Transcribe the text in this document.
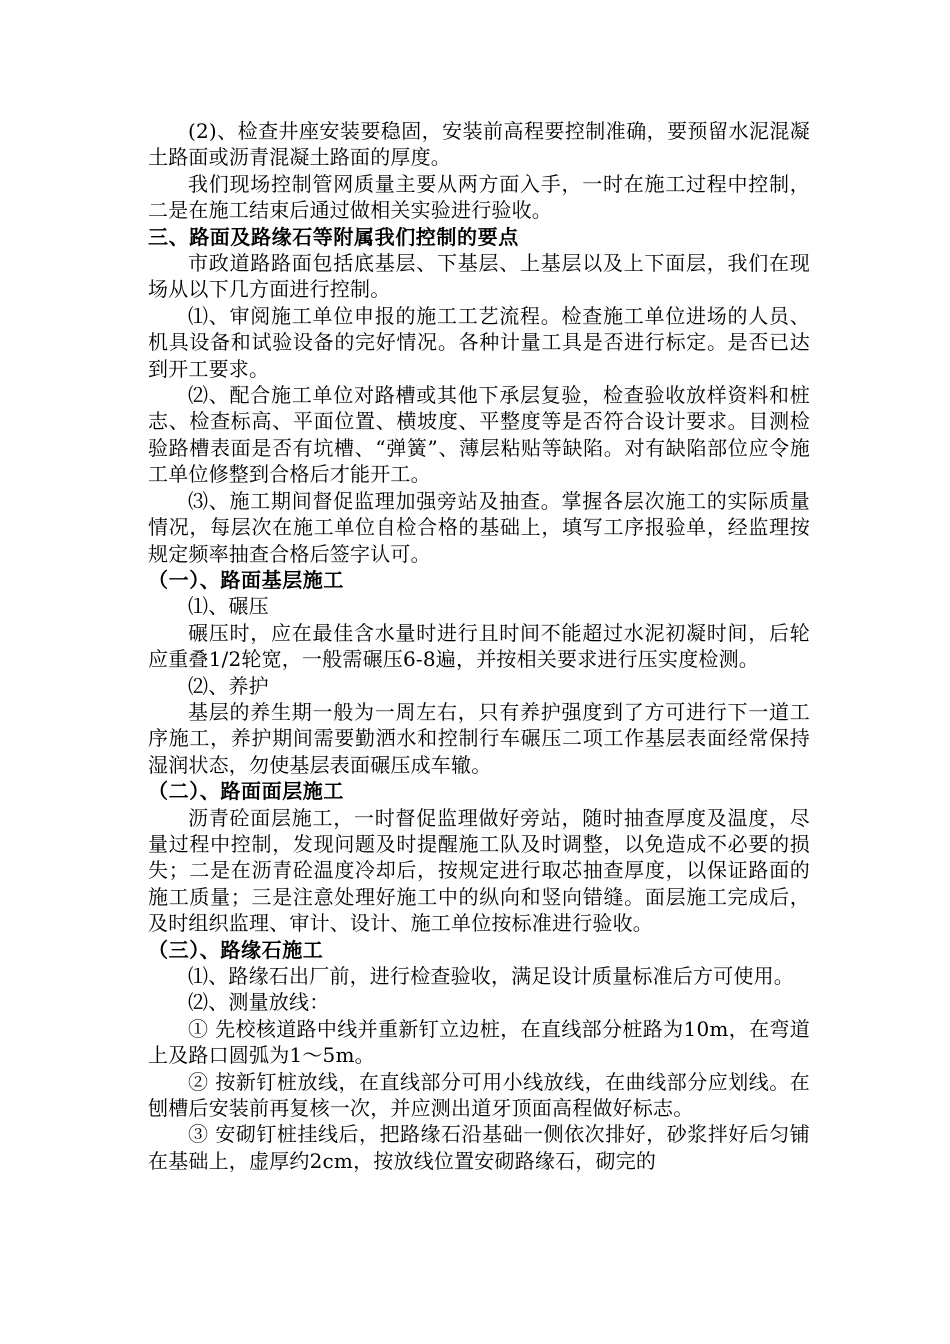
(2)、检查井座安装要稳固，安装前高程要控制准确，要预留水泥混凝土路面或沥青混凝土路面的厚度。

我们现场控制管网质量主要从两方面入手，一时在施工过程中控制，二是在施工结束后通过做相关实验进行验收。

三、路面及路缘石等附属我们控制的要点

市政道路路面包括底基层、下基层、上基层以及上下面层，我们在现场从以下几方面进行控制。

⑴、审阅施工单位申报的施工工艺流程。检查施工单位进场的人员、机具设备和试验设备的完好情况。各种计量工具是否进行标定。是否已达到开工要求。

⑵、配合施工单位对路槽或其他下承层复验，检查验收放样资料和桩志、检查标高、平面位置、横坡度、平整度等是否符合设计要求。目测检验路槽表面是否有坑槽、“弹簧”、薄层粘贴等缺陷。对有缺陷部位应令施工单位修整到合格后才能开工。

⑶、施工期间督促监理加强旁站及抽查。掌握各层次施工的实际质量情况，每层次在施工单位自检合格的基础上，填写工序报验单，经监理按规定频率抽查合格后签字认可。

（一）、路面基层施工

⑴、碾压

碾压时，应在最佳含水量时进行且时间不能超过水泥初凝时间，后轮应重叠1/2轮宽，一般需碾压6-8遍，并按相关要求进行压实度检测。

⑵、养护

基层的养生期一般为一周左右，只有养护强度到了方可进行下一道工序施工，养护期间需要勤洒水和控制行车碾压二项工作基层表面经常保持湿润状态，勿使基层表面碾压成车辙。

（二）、路面面层施工

沥青砼面层施工，一时督促监理做好旁站，随时抽查厚度及温度，尽量过程中控制，发现问题及时提醒施工队及时调整，以免造成不必要的损失；二是在沥青砼温度冷却后，按规定进行取芯抽查厚度，以保证路面的施工质量；三是注意处理好施工中的纵向和竖向错缝。面层施工完成后，及时组织监理、审计、设计、施工单位按标准进行验收。

（三）、路缘石施工

⑴、路缘石出厂前，进行检查验收，满足设计质量标准后方可使用。

⑵、测量放线：

① 先校核道路中线并重新钉立边桩，在直线部分桩路为10m，在弯道上及路口圆弧为1～5m。

② 按新钉桩放线，在直线部分可用小线放线，在曲线部分应划线。在刨槽后安装前再复核一次，并应测出道牙顶面高程做好标志。

③ 安砌钉桩挂线后，把路缘石沿基础一侧依次排好，砂浆拌好后匀铺在基础上，虚厚约2cm，按放线位置安砌路缘石，砌完的
